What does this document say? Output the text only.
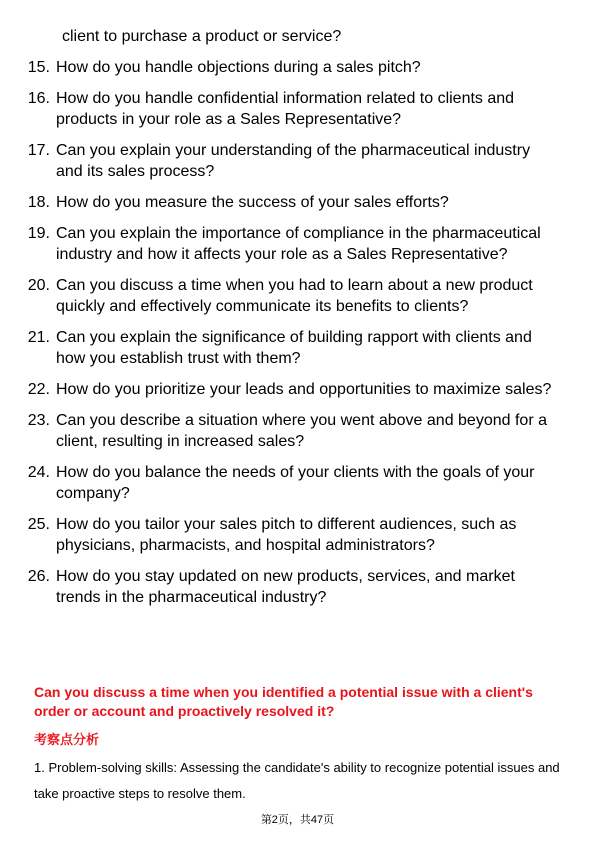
client to purchase a product or service?

15. How do you handle objections during a sales pitch?
16. How do you handle confidential information related to clients and products in your role as a Sales Representative?
17. Can you explain your understanding of the pharmaceutical industry and its sales process?
18. How do you measure the success of your sales efforts?
19. Can you explain the importance of compliance in the pharmaceutical industry and how it affects your role as a Sales Representative?
20. Can you discuss a time when you had to learn about a new product quickly and effectively communicate its benefits to clients?
21. Can you explain the significance of building rapport with clients and how you establish trust with them?
22. How do you prioritize your leads and opportunities to maximize sales?
23. Can you describe a situation where you went above and beyond for a client, resulting in increased sales?
24. How do you balance the needs of your clients with the goals of your company?
25. How do you tailor your sales pitch to different audiences, such as physicians, pharmacists, and hospital administrators?
26. How do you stay updated on new products, services, and market trends in the pharmaceutical industry?

Can you discuss a time when you identified a potential issue with a client's order or account and proactively resolved it?

考察点分析

1. Problem-solving skills: Assessing the candidate's ability to recognize potential issues and take proactive steps to resolve them.

第2页，共47页
